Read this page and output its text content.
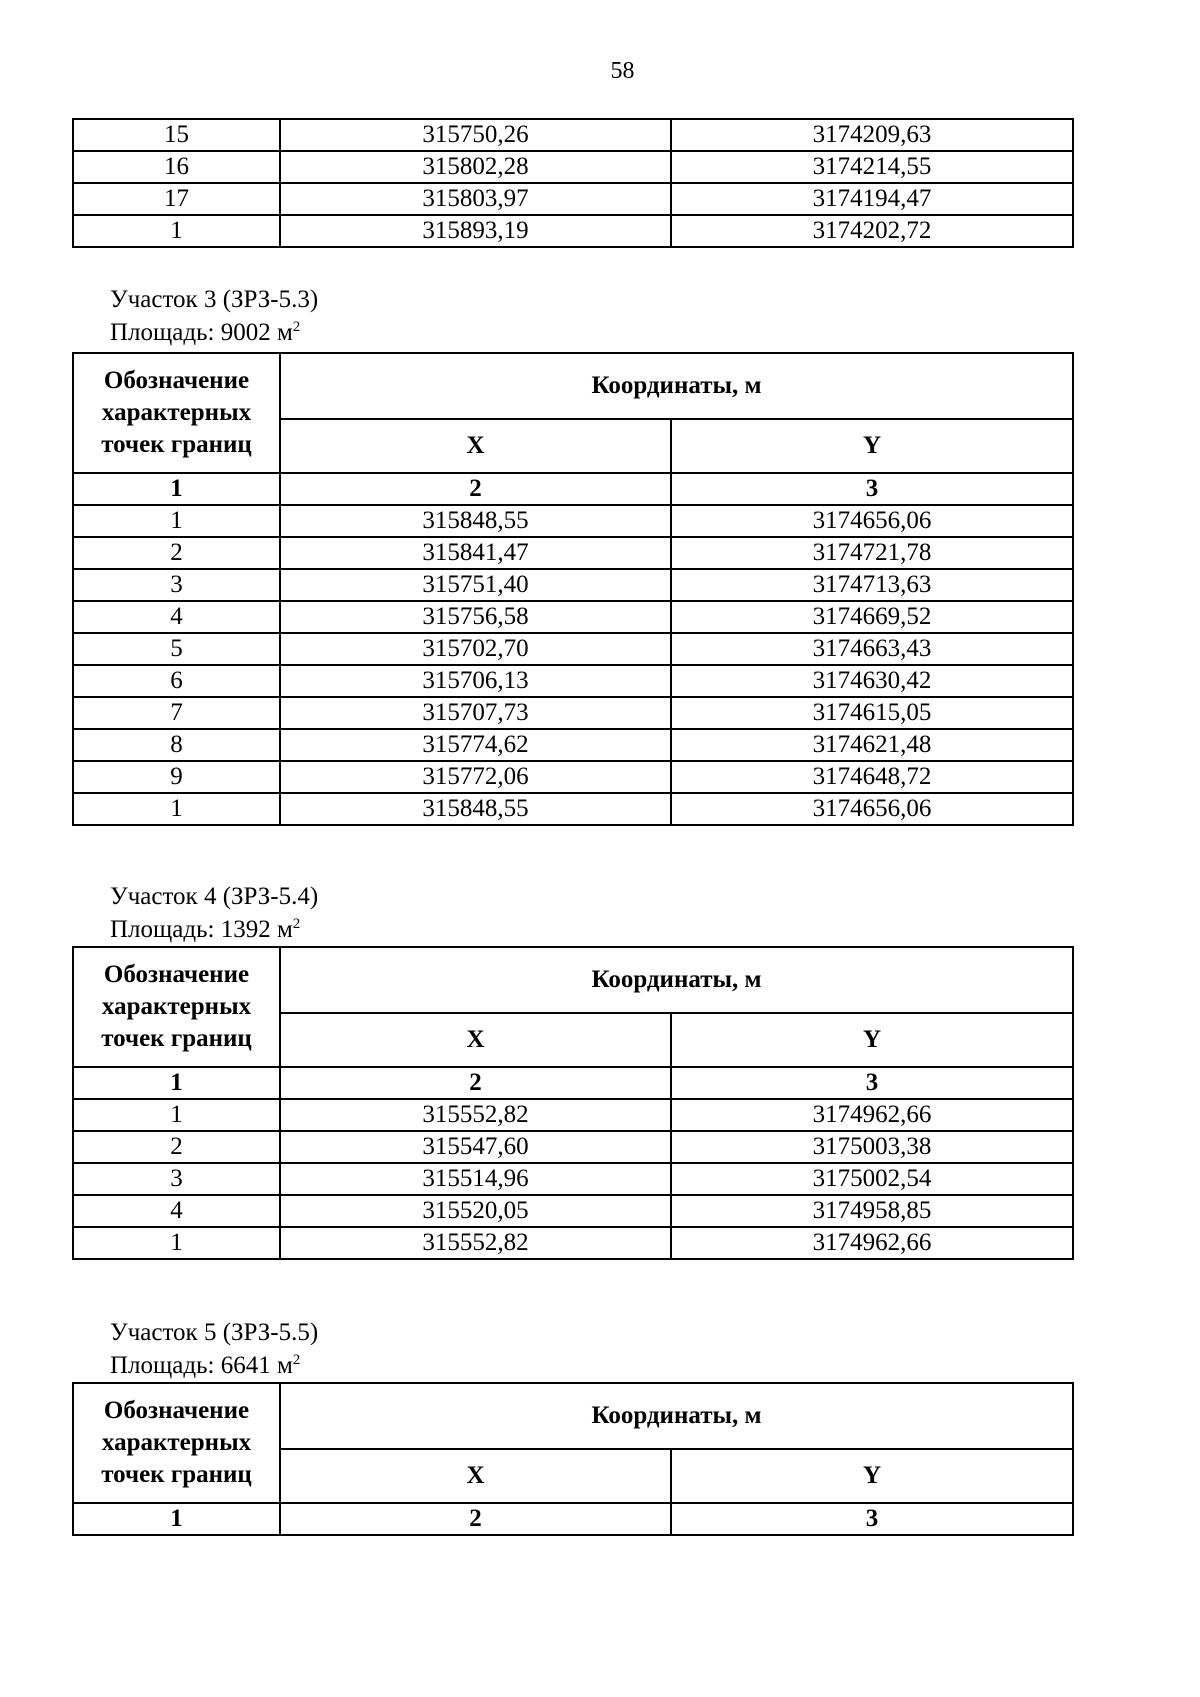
58
15	315750,26	3174209,63
16	315802,28	3174214,55
17	315803,97	3174194,47
1	315893,19	3174202,72
Участок 3 (ЗРЗ-5.3)
Площадь: 9002 $м^2$
Обозначение характерных точек границ	Координаты, м	
	X	Y
1	2	3
1	315848,55	3174656,06
2	315841,47	3174721,78
3	315751,40	3174713,63
4	315756,58	3174669,52
5	315702,70	3174663,43
6	315706,13	3174630,42
7	315707,73	3174615,05
8	315774,62	3174621,48
9	315772,06	3174648,72
1	315848,55	3174656,06
Участок 4 (ЗРЗ-5.4)
Площадь: 1392 $м^2$
Обозначение характерных точек границ	Координаты, м	
	X	Y
1	2	3
1	315552,82	3174962,66
2	315547,60	3175003,38
3	315514,96	3175002,54
4	315520,05	3174958,85
1	315552,82	3174962,66
Участок 5 (ЗРЗ-5.5)
Площадь: 6641 $м^2$
Обозначение характерных точек границ	Координаты, м	
	X	Y
1	2	3
